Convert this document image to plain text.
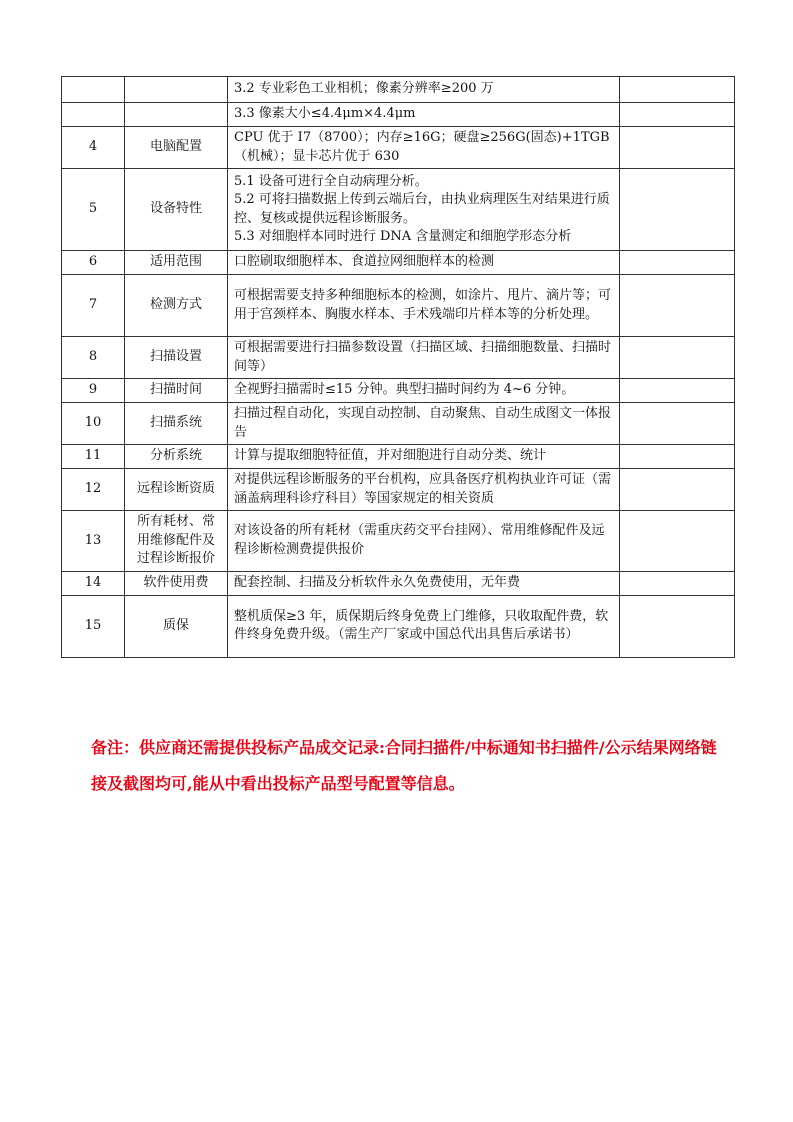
		3.2 专业彩色工业相机；像素分辨率≥200 万	

		3.3 像素大小≤4.4μm×4.4μm	

4	电脑配置	CPU 优于 I7（8700）；内存≥16G；硬盘≥256G(固态)+1TGB（机械）；显卡芯片优于 630	

5	设备特性	5.1 设备可进行全自动病理分析。
5.2 可将扫描数据上传到云端后台，由执业病理医生对结果进行质控、复核或提供远程诊断服务。
5.3 对细胞样本同时进行 DNA 含量测定和细胞学形态分析	

6	适用范围	口腔刷取细胞样本、食道拉网细胞样本的检测	

7	检测方式	可根据需要支持多种细胞标本的检测，如涂片、甩片、滴片等；可用于宫颈样本、胸腹水样本、手术残端印片样本等的分析处理。	

8	扫描设置	可根据需要进行扫描参数设置（扫描区域、扫描细胞数量、扫描时间等）	

9	扫描时间	全视野扫描需时≤15 分钟。典型扫描时间约为 4~6 分钟。	

10	扫描系统	扫描过程自动化，实现自动控制、自动聚焦、自动生成图文一体报告	

11	分析系统	计算与提取细胞特征值，并对细胞进行自动分类、统计	

12	远程诊断资质	对提供远程诊断服务的平台机构，应具备医疗机构执业许可证（需涵盖病理科诊疗科目）等国家规定的相关资质	

13	所有耗材、常用维修配件及过程诊断报价	对该设备的所有耗材（需重庆药交平台挂网）、常用维修配件及远程诊断检测费提供报价	

14	软件使用费	配套控制、扫描及分析软件永久免费使用，无年费	

15	质保	整机质保≥3 年，质保期后终身免费上门维修，只收取配件费，软件终身免费升级。（需生产厂家或中国总代出具售后承诺书）	

备注：供应商还需提供投标产品成交记录:合同扫描件/中标通知书扫描件/公示结果网络链接及截图均可,能从中看出投标产品型号配置等信息。
